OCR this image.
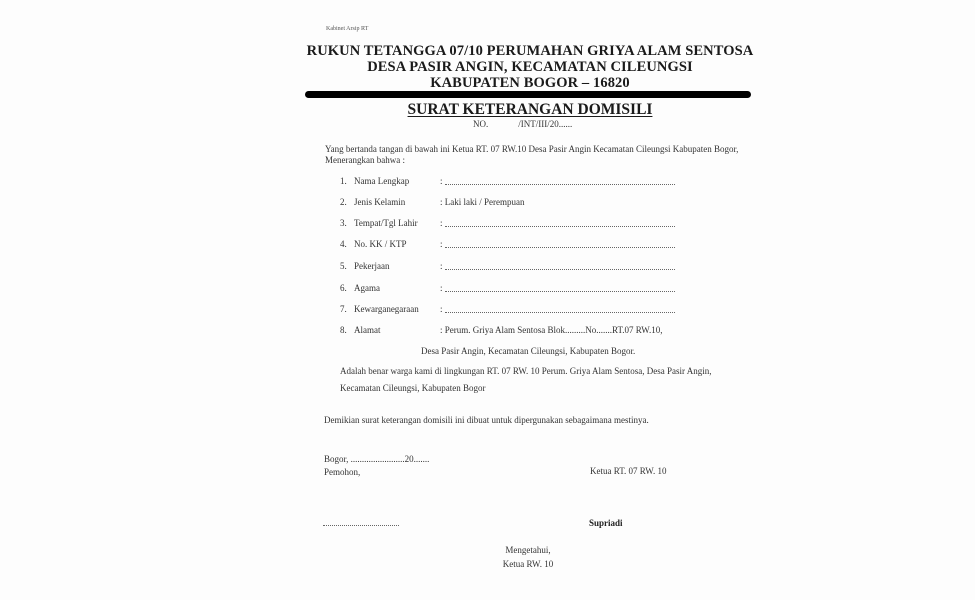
Kabinet Arsip RT
RUKUN TETANGGA 07/10 PERUMAHAN GRIYA ALAM SENTOSA
DESA PASIR ANGIN, KECAMATAN CILEUNGSI
KABUPATEN BOGOR – 16820
SURAT KETERANGAN DOMISILI
NO.	/INT/III/20......
Yang bertanda tangan di bawah ini Ketua RT. 07 RW.10 Desa Pasir Angin Kecamatan Cileungsi Kabupaten Bogor, Menerangkan bahwa :
1. Nama Lengkap	:
2. Jenis Kelamin	: Laki laki / Perempuan
3. Tempat/Tgl Lahir :
4. No. KK / KTP	:
5. Pekerjaan	:
6. Agama	:
7. Kewarganegaraan :
8. Alamat	: Perum. Griya Alam Sentosa Blok.........No.......RT.07 RW.10,
Desa Pasir Angin, Kecamatan Cileungsi, Kabupaten Bogor.
Adalah benar warga kami di lingkungan RT. 07 RW. 10 Perum. Griya Alam Sentosa, Desa Pasir Angin, Kecamatan Cileungsi, Kabupaten Bogor
Demikian surat keterangan domisili ini dibuat untuk dipergunakan sebagaimana mestinya.
Bogor, ........................20.......
Pemohon,	Ketua RT. 07 RW. 10
Supriadi
Mengetahui,
Ketua RW. 10
